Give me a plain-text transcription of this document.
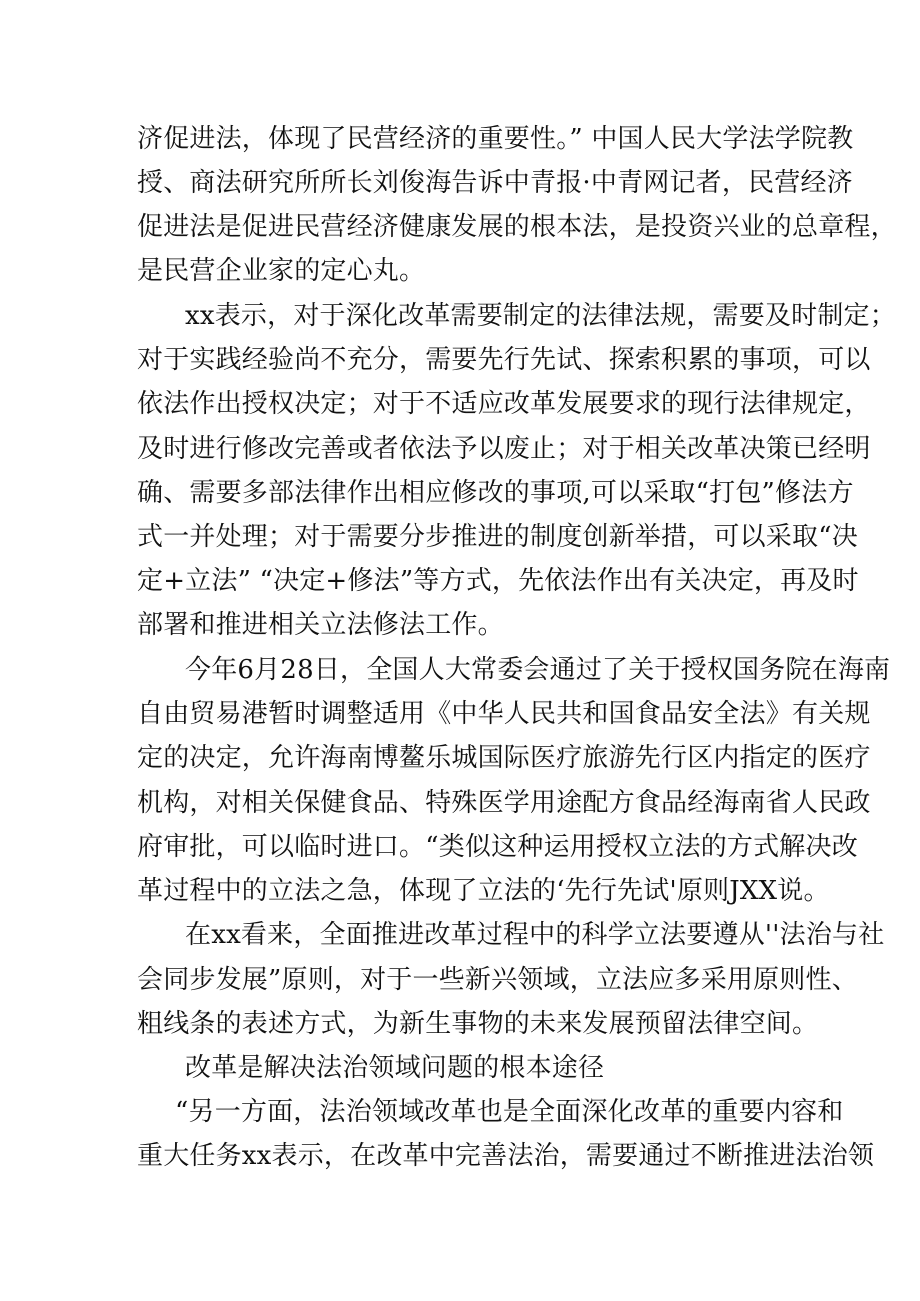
济促进法，体现了民营经济的重要性。” 中国人民大学法学院教
授、商法研究所所长刘俊海告诉中青报·中青网记者，民营经济
促进法是促进民营经济健康发展的根本法，是投资兴业的总章程，
是民营企业家的定心丸。
xx表示，对于深化改革需要制定的法律法规，需要及时制定；
对于实践经验尚不充分，需要先行先试、探索积累的事项，可以
依法作出授权决定；对于不适应改革发展要求的现行法律规定，
及时进行修改完善或者依法予以废止；对于相关改革决策已经明
确、需要多部法律作出相应修改的事项,可以采取“打包”修法方
式一并处理；对于需要分步推进的制度创新举措，可以采取“决
定+立法” “决定+修法”等方式，先依法作出有关决定，再及时
部署和推进相关立法修法工作。
今年6月28日，全国人大常委会通过了关于授权国务院在海南
自由贸易港暂时调整适用《中华人民共和国食品安全法》有关规
定的决定，允许海南博鳌乐城国际医疗旅游先行区内指定的医疗
机构，对相关保健食品、特殊医学用途配方食品经海南省人民政
府审批，可以临时进口。“类似这种运用授权立法的方式解决改
革过程中的立法之急，体现了立法的‘先行先试'原则JXX说。
在xx看来，全面推进改革过程中的科学立法要遵从''法治与社
会同步发展”原则，对于一些新兴领域，立法应多采用原则性、
粗线条的表述方式，为新生事物的未来发展预留法律空间。
改革是解决法治领域问题的根本途径
“另一方面，法治领域改革也是全面深化改革的重要内容和
重大任务xx表示，在改革中完善法治，需要通过不断推进法治领
